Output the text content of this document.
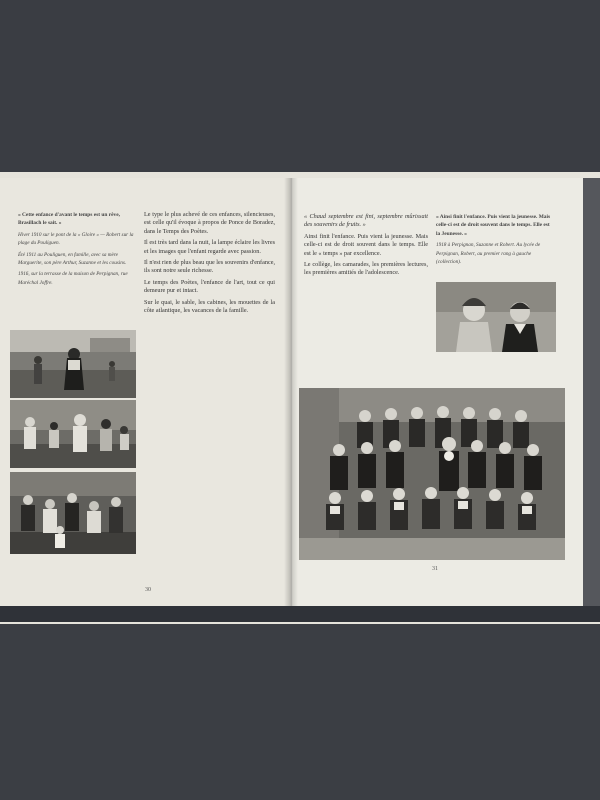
« Cette enfance d'avant le temps est un rêve, Brasillach le sait. »

Hiver 1910 sur le pont de la « Gloire » — Robert sur la plage du Pouliguen.

Été 1911 au Pouliguen, en famille, avec sa mère Marguerite, son père Arthur, Suzanne et les cousins.

1916, sur la terrasse de la maison de Perpignan, rue Maréchal Joffre.

Le type le plus achevé de ces enfances, silencieuses, est celle qu'il évoque à propos de Ponce de Boradez, dans le Temps des Poètes.

Il est très tard dans la nuit, la lampe éclaire les livres et les images que l'enfant regarde avec passion.

Il n'est rien de plus beau que les souvenirs d'enfance, ils sont notre seule richesse.

Le temps des Poètes, l'enfance de l'art, tout ce qui demeure pur et intact.

Sur le quai, le sable, les cabines, les mouettes de la côte atlantique, les vacances de la famille.

30

« Chaud septembre est fini, septembre mûrissait des souvenirs de fruits. »

Ainsi finit l'enfance. Puis vient la jeunesse. Mais celle-ci est de droit souvent dans le temps. Elle est le « temps » par excellence.

Le collège, les camarades, les premières lectures, les premières amitiés de l'adolescence.

« Ainsi finit l'enfance. Puis vient la jeunesse. Mais celle-ci est de droit souvent dans le temps. Elle est la Jeunesse. »

1918 à Perpignan, Suzanne et Robert. Au lycée de Perpignan, Robert, au premier rang à gauche (collection).

31
